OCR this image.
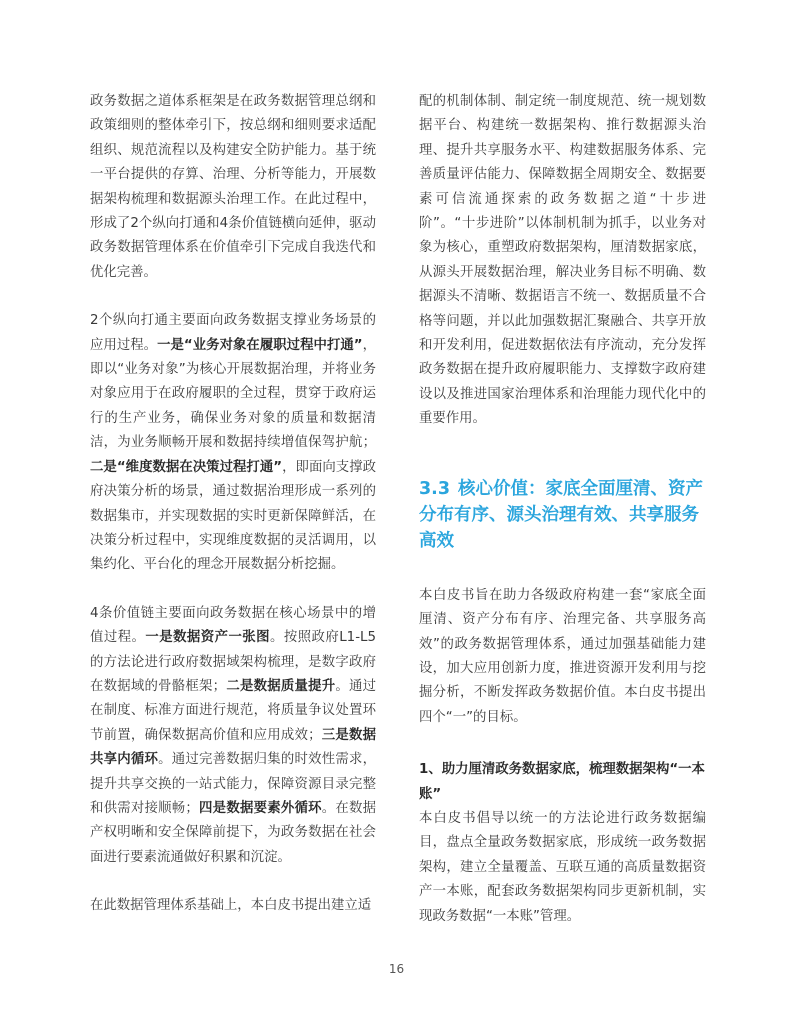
政务数据之道体系框架是在政务数据管理总纲和政策细则的整体牵引下，按总纲和细则要求适配组织、规范流程以及构建安全防护能力。基于统一平台提供的存算、治理、分析等能力，开展数据架构梳理和数据源头治理工作。在此过程中，形成了2个纵向打通和4条价值链横向延伸，驱动政务数据管理体系在价值牵引下完成自我迭代和优化完善。

2个纵向打通主要面向政务数据支撑业务场景的应用过程。一是“业务对象在履职过程中打通”，即以“业务对象”为核心开展数据治理，并将业务对象应用于在政府履职的全过程，贯穿于政府运行的生产业务，确保业务对象的质量和数据清洁，为业务顺畅开展和数据持续增值保驾护航；二是“维度数据在决策过程打通”，即面向支撑政府决策分析的场景，通过数据治理形成一系列的数据集市，并实现数据的实时更新保障鲜活，在决策分析过程中，实现维度数据的灵活调用，以集约化、平台化的理念开展数据分析挖掘。

4条价值链主要面向政务数据在核心场景中的增值过程。一是数据资产一张图。按照政府L1-L5的方法论进行政府数据域架构梳理，是数字政府在数据域的骨骼框架；二是数据质量提升。通过在制度、标准方面进行规范，将质量争议处置环节前置，确保数据高价值和应用成效；三是数据共享内循环。通过完善数据归集的时效性需求，提升共享交换的一站式能力，保障资源目录完整和供需对接顺畅；四是数据要素外循环。在数据产权明晰和安全保障前提下，为政务数据在社会面进行要素流通做好积累和沉淀。

在此数据管理体系基础上，本白皮书提出建立适

配的机制体制、制定统一制度规范、统一规划数据平台、构建统一数据架构、推行数据源头治理、提升共享服务水平、构建数据服务体系、完善质量评估能力、保障数据全周期安全、数据要素可信流通探索的政务数据之道“十步进阶”。“十步进阶”以体制机制为抓手，以业务对象为核心，重塑政府数据架构，厘清数据家底，从源头开展数据治理，解决业务目标不明确、数据源头不清晰、数据语言不统一、数据质量不合格等问题，并以此加强数据汇聚融合、共享开放和开发利用，促进数据依法有序流动，充分发挥政务数据在提升政府履职能力、支撑数字政府建设以及推进国家治理体系和治理能力现代化中的重要作用。

3.3 核心价值：家底全面厘清、资产分布有序、源头治理有效、共享服务高效

本白皮书旨在助力各级政府构建一套“家底全面厘清、资产分布有序、治理完备、共享服务高效”的政务数据管理体系，通过加强基础能力建设，加大应用创新力度，推进资源开发利用与挖掘分析，不断发挥政务数据价值。本白皮书提出四个“一”的目标。

1、助力厘清政务数据家底，梳理数据架构“一本账”

本白皮书倡导以统一的方法论进行政务数据编目，盘点全量政务数据家底，形成统一政务数据架构，建立全量覆盖、互联互通的高质量数据资产一本账，配套政务数据架构同步更新机制，实现政务数据“一本账”管理。

16
